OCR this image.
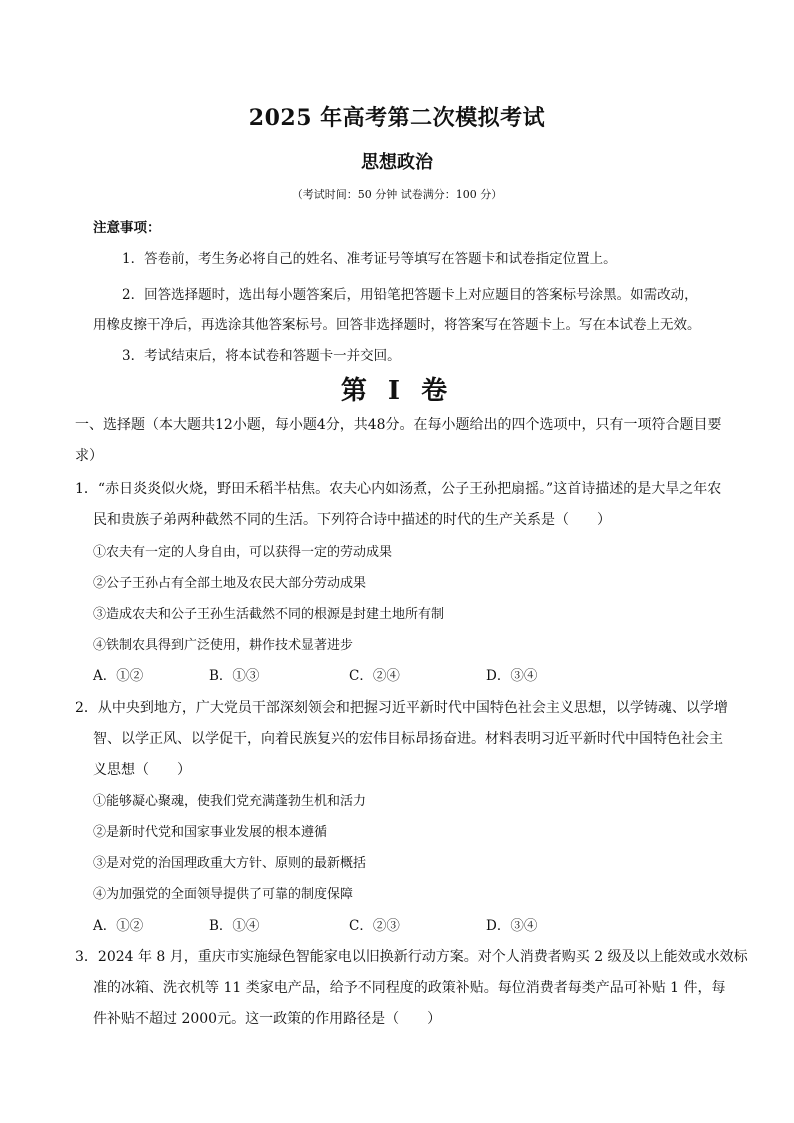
2025 年高考第二次模拟考试
思想政治
（考试时间：50 分钟 试卷满分：100 分）
注意事项：
1．答卷前，考生务必将自己的姓名、准考证号等填写在答题卡和试卷指定位置上。
2．回答选择题时，选出每小题答案后，用铅笔把答题卡上对应题目的答案标号涂黑。如需改动，
用橡皮擦干净后，再选涂其他答案标号。回答非选择题时，将答案写在答题卡上。写在本试卷上无效。
3．考试结束后，将本试卷和答题卡一并交回。
第 I 卷
一、选择题（本大题共12小题，每小题4分，共48分。在每小题给出的四个选项中，只有一项符合题目要
求）
1．“赤日炎炎似火烧，野田禾稻半枯焦。农夫心内如汤煮，公子王孙把扇摇。”这首诗描述的是大旱之年农
民和贵族子弟两种截然不同的生活。下列符合诗中描述的时代的生产关系是（　　）
①农夫有一定的人身自由，可以获得一定的劳动成果
②公子王孙占有全部土地及农民大部分劳动成果
③造成农夫和公子王孙生活截然不同的根源是封建土地所有制
④铁制农具得到广泛使用，耕作技术显著进步
A．①②	B．①③	C．②④	D．③④
2．从中央到地方，广大党员干部深刻领会和把握习近平新时代中国特色社会主义思想，以学铸魂、以学增
智、以学正风、以学促干，向着民族复兴的宏伟目标昂扬奋进。材料表明习近平新时代中国特色社会主
义思想（　　）
①能够凝心聚魂，使我们党充满蓬勃生机和活力
②是新时代党和国家事业发展的根本遵循
③是对党的治国理政重大方针、原则的最新概括
④为加强党的全面领导提供了可靠的制度保障
A．①②	B．①④	C．②③	D．③④
3．2024 年 8 月，重庆市实施绿色智能家电以旧换新行动方案。对个人消费者购买 2 级及以上能效或水效标
准的冰箱、洗衣机等 11 类家电产品，给予不同程度的政策补贴。每位消费者每类产品可补贴 1 件，每
件补贴不超过 2000元。这一政策的作用路径是（　　）
